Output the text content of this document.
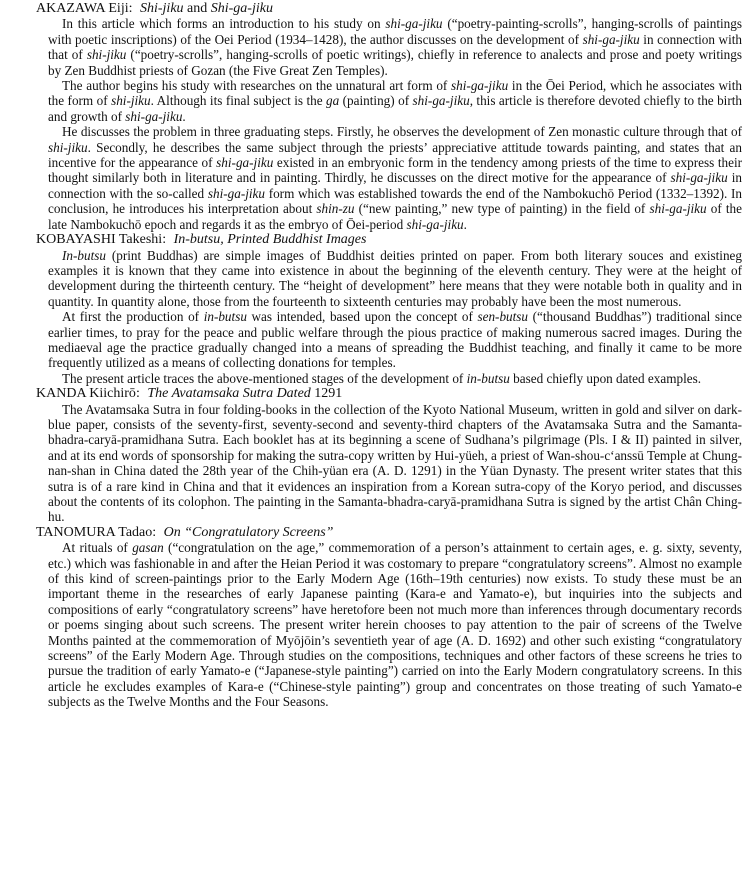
AKAZAWA Eiji: Shi-jiku and Shi-ga-jiku

In this article which forms an introduction to his study on shi-ga-jiku (“poetry-painting-scrolls”, hanging-scrolls of paintings with poetic inscriptions) of the Oei Period (1934–1428), the author discusses on the development of shi-ga-jiku in connection with that of shi-jiku (“poetry-scrolls”, hanging-scrolls of poetic writings), chiefly in reference to analects and prose and poety writings by Zen Buddhist priests of Gozan (the Five Great Zen Temples).

The author begins his study with researches on the unnatural art form of shi-ga-jiku in the Ōei Period, which he associates with the form of shi-jiku. Although its final subject is the ga (painting) of shi-ga-jiku, this article is therefore devoted chiefly to the birth and growth of shi-ga-jiku.

He discusses the problem in three graduating steps. Firstly, he observes the development of Zen monastic culture through that of shi-jiku. Secondly, he describes the same subject through the priests’ appreciative attitude towards painting, and states that an incentive for the appearance of shi-ga-jiku existed in an embryonic form in the tendency among priests of the time to express their thought similarly both in literature and in painting. Thirdly, he discusses on the direct motive for the appearance of shi-ga-jiku in connection with the so-called shi-ga-jiku form which was established towards the end of the Nambokuchō Period (1332–1392). In conclusion, he introduces his interpretation about shin-zu (“new painting,” new type of painting) in the field of shi-ga-jiku of the late Nambokuchō epoch and regards it as the embryo of Ōei-period shi-ga-jiku.

KOBAYASHI Takeshi: In-butsu, Printed Buddhist Images

In-butsu (print Buddhas) are simple images of Buddhist deities printed on paper. From both literary souces and existineg examples it is known that they came into existence in about the beginning of the eleventh century. They were at the height of development during the thirteenth century. The “height of development” here means that they were notable both in quality and in quantity. In quantity alone, those from the fourteenth to sixteenth centuries may probably have been the most numerous.

At first the production of in-butsu was intended, based upon the concept of sen-butsu (“thousand Buddhas”) traditional since earlier times, to pray for the peace and public welfare through the pious practice of making numerous sacred images. During the mediaeval age the practice gradually changed into a means of spreading the Buddhist teaching, and finally it came to be more frequently utilized as a means of collecting donations for temples.

The present article traces the above-mentioned stages of the development of in-butsu based chiefly upon dated examples.

KANDA Kiichirō: The Avatamsaka Sutra Dated 1291

The Avatamsaka Sutra in four folding-books in the collection of the Kyoto National Museum, written in gold and silver on dark-blue paper, consists of the seventy-first, seventy-second and seventy-third chapters of the Avatamsaka Sutra and the Samanta-bhadra-caryā-pramidhana Sutra. Each booklet has at its beginning a scene of Sudhana’s pilgrimage (Pls. I & II) painted in silver, and at its end words of sponsorship for making the sutra-copy written by Hui-yüeh, a priest of Wan-shou-c‘anssū Temple at Chung-nan-shan in China dated the 28th year of the Chih-yüan era (A. D. 1291) in the Yüan Dynasty. The present writer states that this sutra is of a rare kind in China and that it evidences an inspiration from a Korean sutra-copy of the Koryo period, and discusses about the contents of its colophon. The painting in the Samanta-bhadra-caryā-pramidhana Sutra is signed by the artist Chân Ching-hu.

TANOMURA Tadao: On “Congratulatory Screens”

At rituals of gasan (“congratulation on the age,” commemoration of a person’s attainment to certain ages, e. g. sixty, seventy, etc.) which was fashionable in and after the Heian Period it was costomary to prepare “congratulatory screens”. Almost no example of this kind of screen-paintings prior to the Early Modern Age (16th–19th centuries) now exists. To study these must be an important theme in the researches of early Japanese painting (Kara-e and Yamato-e), but inquiries into the subjects and compositions of early “congratulatory screens” have heretofore been not much more than inferences through documentary records or poems singing about such screens. The present writer herein chooses to pay attention to the pair of screens of the Twelve Months painted at the commemoration of Myōjōin’s seventieth year of age (A. D. 1692) and other such existing “congratulatory screens” of the Early Modern Age. Through studies on the compositions, techniques and other factors of these screens he tries to pursue the tradition of early Yamato-e (“Japanese-style painting”) carried on into the Early Modern congratulatory screens. In this article he excludes examples of Kara-e (“Chinese-style painting”) group and concentrates on those treating of such Yamato-e subjects as the Twelve Months and the Four Seasons.
